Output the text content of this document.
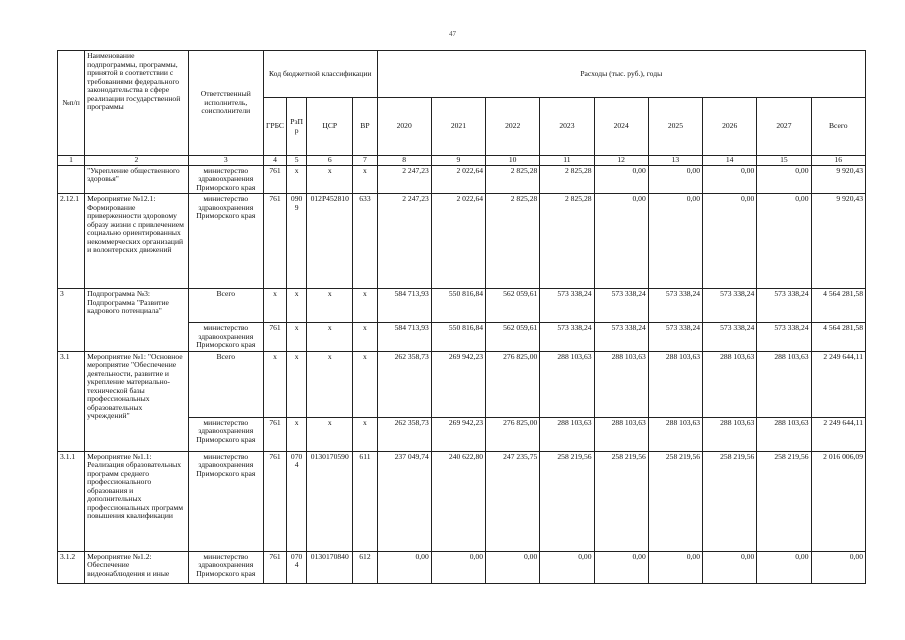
47
№п/п	Наименование подпрограммы, программы, принятой в соответствии с требованиями федерального законодательства в сфере реализации государственной программы	Ответственный исполнитель, соисполнители	Код бюджетной классификации				Расходы (тыс. руб.), годы								
			ГРБС	РзПр	ЦСР	ВР	2020	2021	2022	2023	2024	2025	2026	2027	Всего
1	2	3	4	5	6	7	8	9	10	11	12	13	14	15	16
	"Укрепление общественного здоровья"	министерство здравоохранения Приморского края	761	x	x	x	2 247,23	2 022,64	2 825,28	2 825,28	0,00	0,00	0,00	0,00	9 920,43
2.12.1	Мероприятие №12.1: Формирование приверженности здоровому образу жизни с привлечением социально ориентированных некоммерческих организаций и волонтерских движений	министерство здравоохранения Приморского края	761	0909	012P452810	633	2 247,23	2 022,64	2 825,28	2 825,28	0,00	0,00	0,00	0,00	9 920,43
3	Подпрограмма №3: Подпрограмма "Развитие кадрового потенциала"	Всего	x	x	x	x	584 713,93	550 816,84	562 059,61	573 338,24	573 338,24	573 338,24	573 338,24	573 338,24	4 564 281,58
		министерство здравоохранения Приморского края	761	x	x	x	584 713,93	550 816,84	562 059,61	573 338,24	573 338,24	573 338,24	573 338,24	573 338,24	4 564 281,58
3.1	Мероприятие №1: "Основное мероприятие "Обеспечение деятельности, развитие и укрепление материально-технической базы профессиональных образовательных учреждений"	Всего	x	x	x	x	262 358,73	269 942,23	276 825,00	288 103,63	288 103,63	288 103,63	288 103,63	288 103,63	2 249 644,11
		министерство здравоохранения Приморского края	761	x	x	x	262 358,73	269 942,23	276 825,00	288 103,63	288 103,63	288 103,63	288 103,63	288 103,63	2 249 644,11
3.1.1	Мероприятие №1.1: Реализация образовательных программ среднего профессионального образования и дополнительных профессиональных программ повышения квалификации	министерство здравоохранения Приморского края	761	0704	0130170590	611	237 049,74	240 622,80	247 235,75	258 219,56	258 219,56	258 219,56	258 219,56	258 219,56	2 016 006,09
3.1.2	Мероприятие №1.2: Обеспечение видеонаблюдения и иные	министерство здравоохранения Приморского края	761	0704	0130170840	612	0,00	0,00	0,00	0,00	0,00	0,00	0,00	0,00	0,00
